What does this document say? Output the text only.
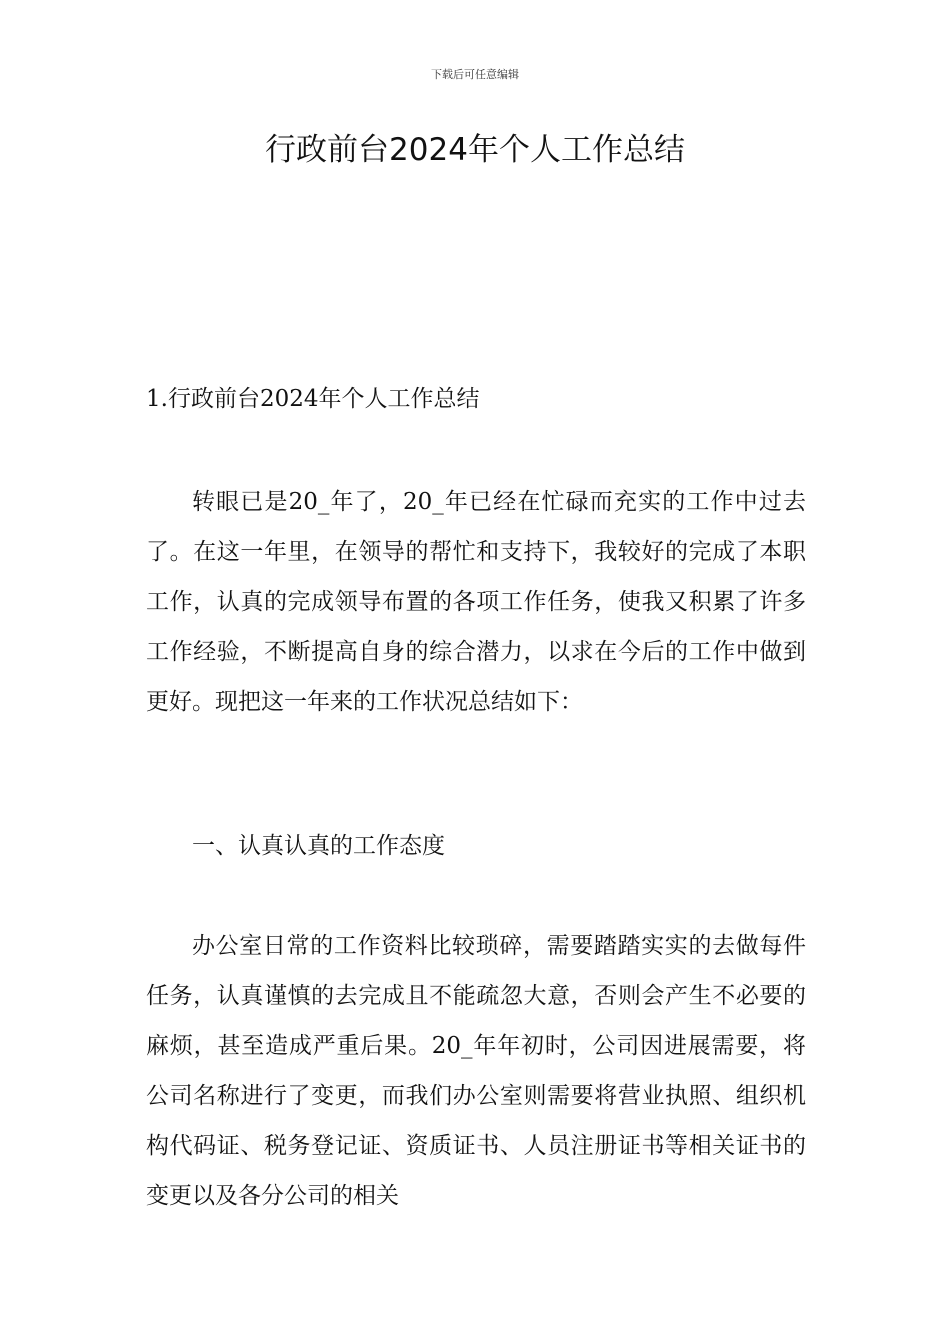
下载后可任意编辑
行政前台2024年个人工作总结
1.行政前台2024年个人工作总结

转眼已是20_年了，20_年已经在忙碌而充实的工作中过去了。在这一年里，在领导的帮忙和支持下，我较好的完成了本职工作，认真的完成领导布置的各项工作任务，使我又积累了许多工作经验，不断提高自身的综合潜力，以求在今后的工作中做到更好。现把这一年来的工作状况总结如下：

一、认真认真的工作态度

办公室日常的工作资料比较琐碎，需要踏踏实实的去做每件任务，认真谨慎的去完成且不能疏忽大意，否则会产生不必要的麻烦，甚至造成严重后果。20_年年初时，公司因进展需要，将公司名称进行了变更，而我们办公室则需要将营业执照、组织机构代码证、税务登记证、资质证书、人员注册证书等相关证书的变更以及各分公司的相关
